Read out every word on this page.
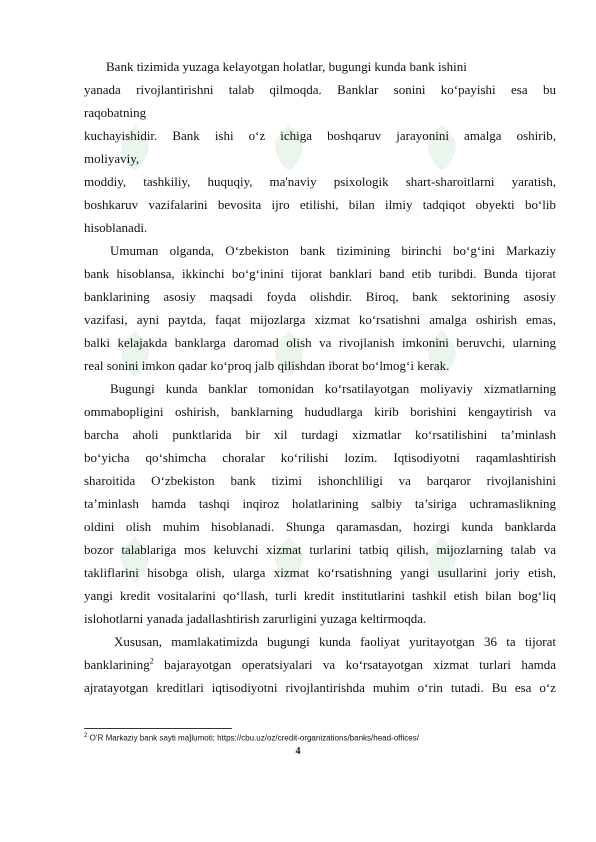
Bank tizimida yuzaga kelayotgan holatlar, bugungi kunda bank ishini
yanada rivojlantirishni talab qilmoqda. Banklar sonini ko‘payishi esa bu
raqobatning
kuchayishidir. Bank ishi o‘z ichiga boshqaruv jarayonini amalga oshirib,
moliyaviy,
moddiy, tashkiliy, huquqiy, ma'naviy psixologik shart-sharoitlarni yaratish,
boshkaruv vazifalarini bevosita ijro etilishi, bilan ilmiy tadqiqot obyekti bo‘lib
hisoblanadi.
Umuman olganda, O‘zbekiston bank tizimining birinchi bo‘g‘ini Markaziy
bank hisoblansa, ikkinchi bo‘g‘inini tijorat banklari band etib turibdi. Bunda tijorat
banklarining asosiy maqsadi foyda olishdir. Biroq, bank sektorining asosiy
vazifasi, ayni paytda, faqat mijozlarga xizmat ko‘rsatishni amalga oshirish emas,
balki kelajakda banklarga daromad olish va rivojlanish imkonini beruvchi, ularning
real sonini imkon qadar ko‘proq jalb qilishdan iborat bo‘lmog‘i kerak.
Bugungi kunda banklar tomonidan ko‘rsatilayotgan moliyaviy xizmatlarning
ommabopligini oshirish, banklarning hududlarga kirib borishini kengaytirish va
barcha aholi punktlarida bir xil turdagi xizmatlar ko‘rsatilishini ta’minlash
bo‘yicha qo‘shimcha choralar ko‘rilishi lozim. Iqtisodiyotni raqamlashtirish
sharoitida O‘zbekiston bank tizimi ishonchliligi va barqaror rivojlanishini
ta’minlash hamda tashqi inqiroz holatlarining salbiy ta’siriga uchramaslikning
oldini olish muhim hisoblanadi. Shunga qaramasdan, hozirgi kunda banklarda
bozor talablariga mos keluvchi xizmat turlarini tatbiq qilish, mijozlarning talab va
takliflarini hisobga olish, ularga xizmat ko‘rsatishning yangi usullarini joriy etish,
yangi kredit vositalarini qo‘llash, turli kredit institutlarini tashkil etish bilan bog‘liq
islohotlarni yanada jadallashtirish zarurligini yuzaga keltirmoqda.
Xususan, mamlakatimizda bugungi kunda faoliyat yuritayotgan 36 ta tijorat
banklarining$^2$ bajarayotgan operatsiyalari va ko‘rsatayotgan xizmat turlari hamda
ajratayotgan kreditlari iqtisodiyotni rivojlantirishda muhim o‘rin tutadi. Bu esa o‘z
$^2$ O‘R Markaziy bank sayti ma]lumoti; https://cbu.uz/oz/credit-organizations/banks/head-offices/
4
